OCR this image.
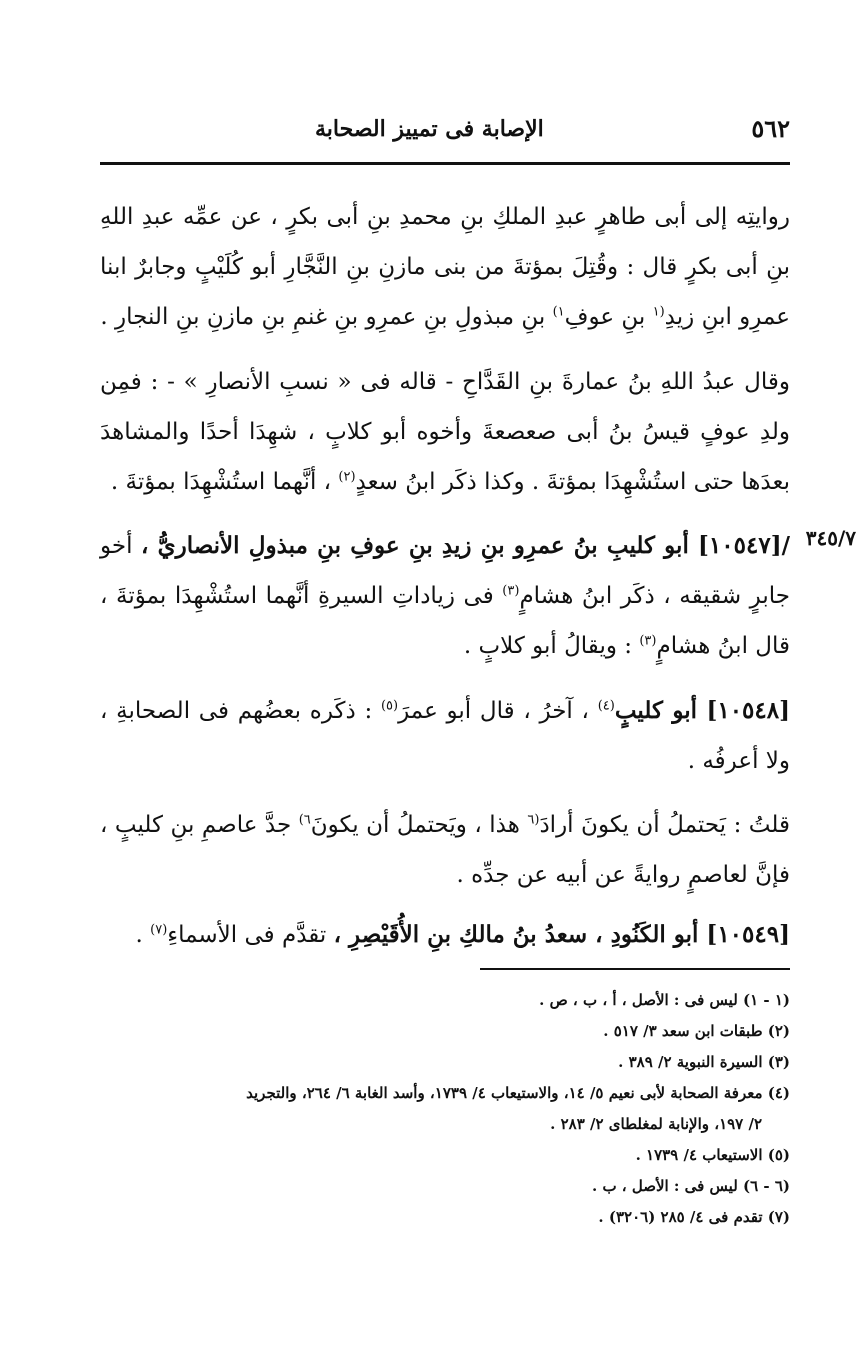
٥٦٢
الإصابة فى تمييز الصحابة
٣٤٥/٧

روايتِه إلى أبى طاهرٍ عبدِ الملكِ بنِ محمدِ بنِ أبى بكرٍ ، عن عمِّه عبدِ اللهِ بنِ أبى بكرٍ قال : وقُتِلَ بمؤتةَ من بنى مازنِ بنِ النَّجَّارِ أبو كُلَيْبٍ وجابرٌ ابنا عمرِو ابنِ زيدِ$^{(١}$ بنِ عوفِ$^{١)}$ بنِ مبذولِ بنِ عمرِو بنِ غنمِ بنِ مازنِ بنِ النجارِ .

وقال عبدُ اللهِ بنُ عمارةَ بنِ القَدَّاحِ - قاله فى « نسبِ الأنصارِ » - : فمِن ولدِ عوفٍ قيسُ بنُ أبى صعصعةَ وأخوه أبو كلابٍ ، شهِدَا أحدًا والمشاهدَ بعدَها حتى استُشْهِدَا بمؤتةَ . وكذا ذكَر ابنُ سعدٍ$^{(٢)}$ ، أنَّهما استُشْهِدَا بمؤتةَ .

/[١٠٥٤٧] أبو كليبِ بنُ عمرِو بنِ زيدِ بنِ عوفِ بنِ مبذولِ الأنصاريُّ ، أخو جابرٍ شقيقه ، ذكَر ابنُ هشامٍ$^{(٣)}$ فى زياداتِ السيرةِ أنَّهما استُشْهِدَا بمؤتةَ ، قال ابنُ هشامٍ$^{(٣)}$ : ويقالُ أبو كلابٍ .

[١٠٥٤٨] أبو كليبٍ$^{(٤)}$ ، آخرُ ، قال أبو عمرَ$^{(٥)}$ : ذكَره بعضُهم فى الصحابةِ ، ولا أعرفُه .

قلتُ : يَحتملُ أن يكونَ أرادَ$^{(٦}$ هذا ، ويَحتملُ أن يكونَ$^{٦)}$ جدَّ عاصمِ بنِ كليبٍ ، فإنَّ لعاصمٍ روايةً عن أبيه عن جدِّه .

[١٠٥٤٩] أبو الكَنُودِ ، سعدُ بنُ مالكِ بنِ الأُقَيْصِرِ ، تقدَّم فى الأسماءِ$^{(٧)}$ .

(١ - ١) ليس فى : الأصل ، أ ، ب ، ص .

(٢) طبقات ابن سعد ٣/ ٥١٧ .

(٣) السيرة النبوية ٢/ ٣٨٩ .

(٤) معرفة الصحابة لأبى نعيم ٥/ ١٤، والاستيعاب ٤/ ١٧٣٩، وأسد الغابة ٦/ ٢٦٤، والتجريد

٢/ ١٩٧، والإنابة لمغلطاى ٢/ ٢٨٣ .

(٥) الاستيعاب ٤/ ١٧٣٩ .

(٦ - ٦) ليس فى : الأصل ، ب .

(٧) تقدم فى ٤/ ٢٨٥ (٣٢٠٦) .
